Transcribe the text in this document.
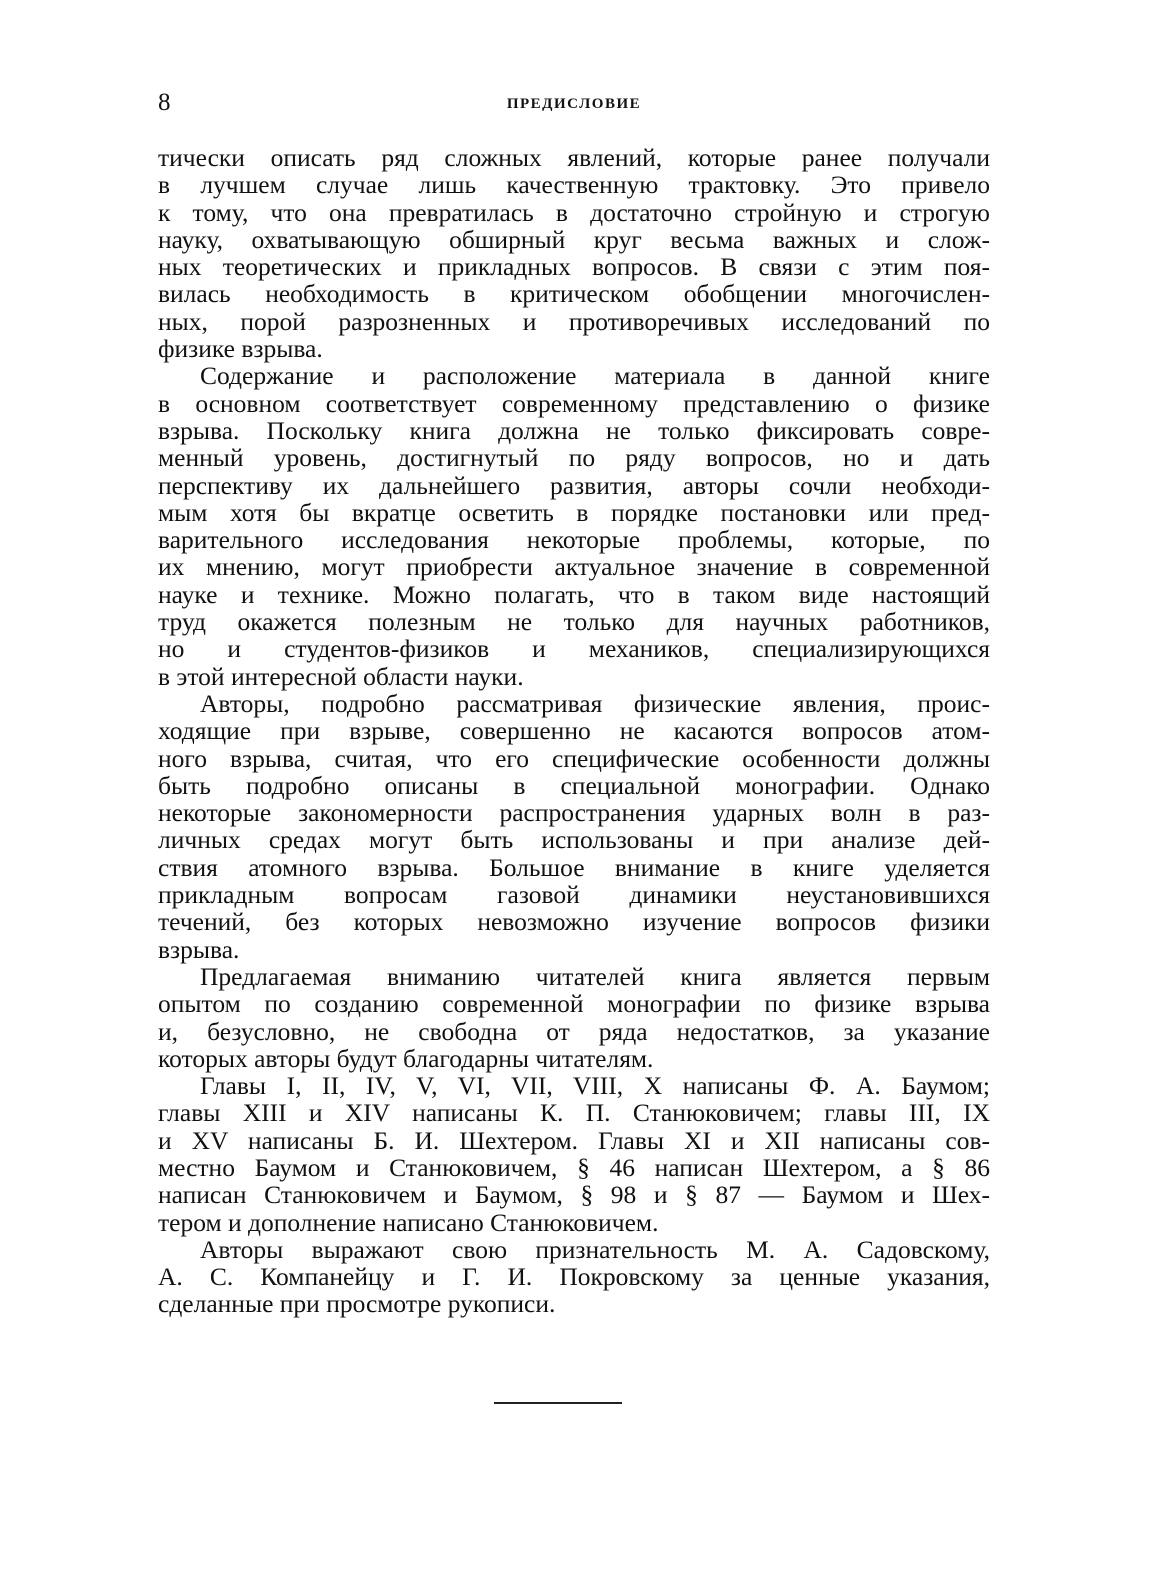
8	ПРЕДИСЛОВИЕ

тически описать ряд сложных явлений, которые ранее получали
в лучшем случае лишь качественную трактовку. Это привело
к тому, что она превратилась в достаточно стройную и строгую
науку, охватывающую обширный круг весьма важных и слож-
ных теоретических и прикладных вопросов. В связи с этим поя-
вилась необходимость в критическом обобщении многочислен-
ных, порой разрозненных и противоречивых исследований по
физике взрыва.

Содержание и расположение материала в данной книге
в основном соответствует современному представлению о физике
взрыва. Поскольку книга должна не только фиксировать совре-
менный уровень, достигнутый по ряду вопросов, но и дать
перспективу их дальнейшего развития, авторы сочли необходи-
мым хотя бы вкратце осветить в порядке постановки или пред-
варительного исследования некоторые проблемы, которые, по
их мнению, могут приобрести актуальное значение в современной
науке и технике. Можно полагать, что в таком виде настоящий
труд окажется полезным не только для научных работников,
но и студентов-физиков и механиков, специализирующихся
в этой интересной области науки.

Авторы, подробно рассматривая физические явления, проис-
ходящие при взрыве, совершенно не касаются вопросов атом-
ного взрыва, считая, что его специфические особенности должны
быть подробно описаны в специальной монографии. Однако
некоторые закономерности распространения ударных волн в раз-
личных средах могут быть использованы и при анализе дей-
ствия атомного взрыва. Большое внимание в книге уделяется
прикладным вопросам газовой динамики неустановившихся
течений, без которых невозможно изучение вопросов физики
взрыва.

Предлагаемая вниманию читателей книга является первым
опытом по созданию современной монографии по физике взрыва
и, безусловно, не свободна от ряда недостатков, за указание
которых авторы будут благодарны читателям.

Главы I, II, IV, V, VI, VII, VIII, X написаны Ф. А. Баумом;
главы XIII и XIV написаны К. П. Станюковичем; главы III, IX
и XV написаны Б. И. Шехтером. Главы XI и XII написаны сов-
местно Баумом и Станюковичем, § 46 написан Шехтером, а § 86
написан Станюковичем и Баумом, § 98 и § 87 — Баумом и Шех-
тером и дополнение написано Станюковичем.

Авторы выражают свою признательность М. А. Садовскому,
А. С. Компанейцу и Г. И. Покровскому за ценные указания,
сделанные при просмотре рукописи.
